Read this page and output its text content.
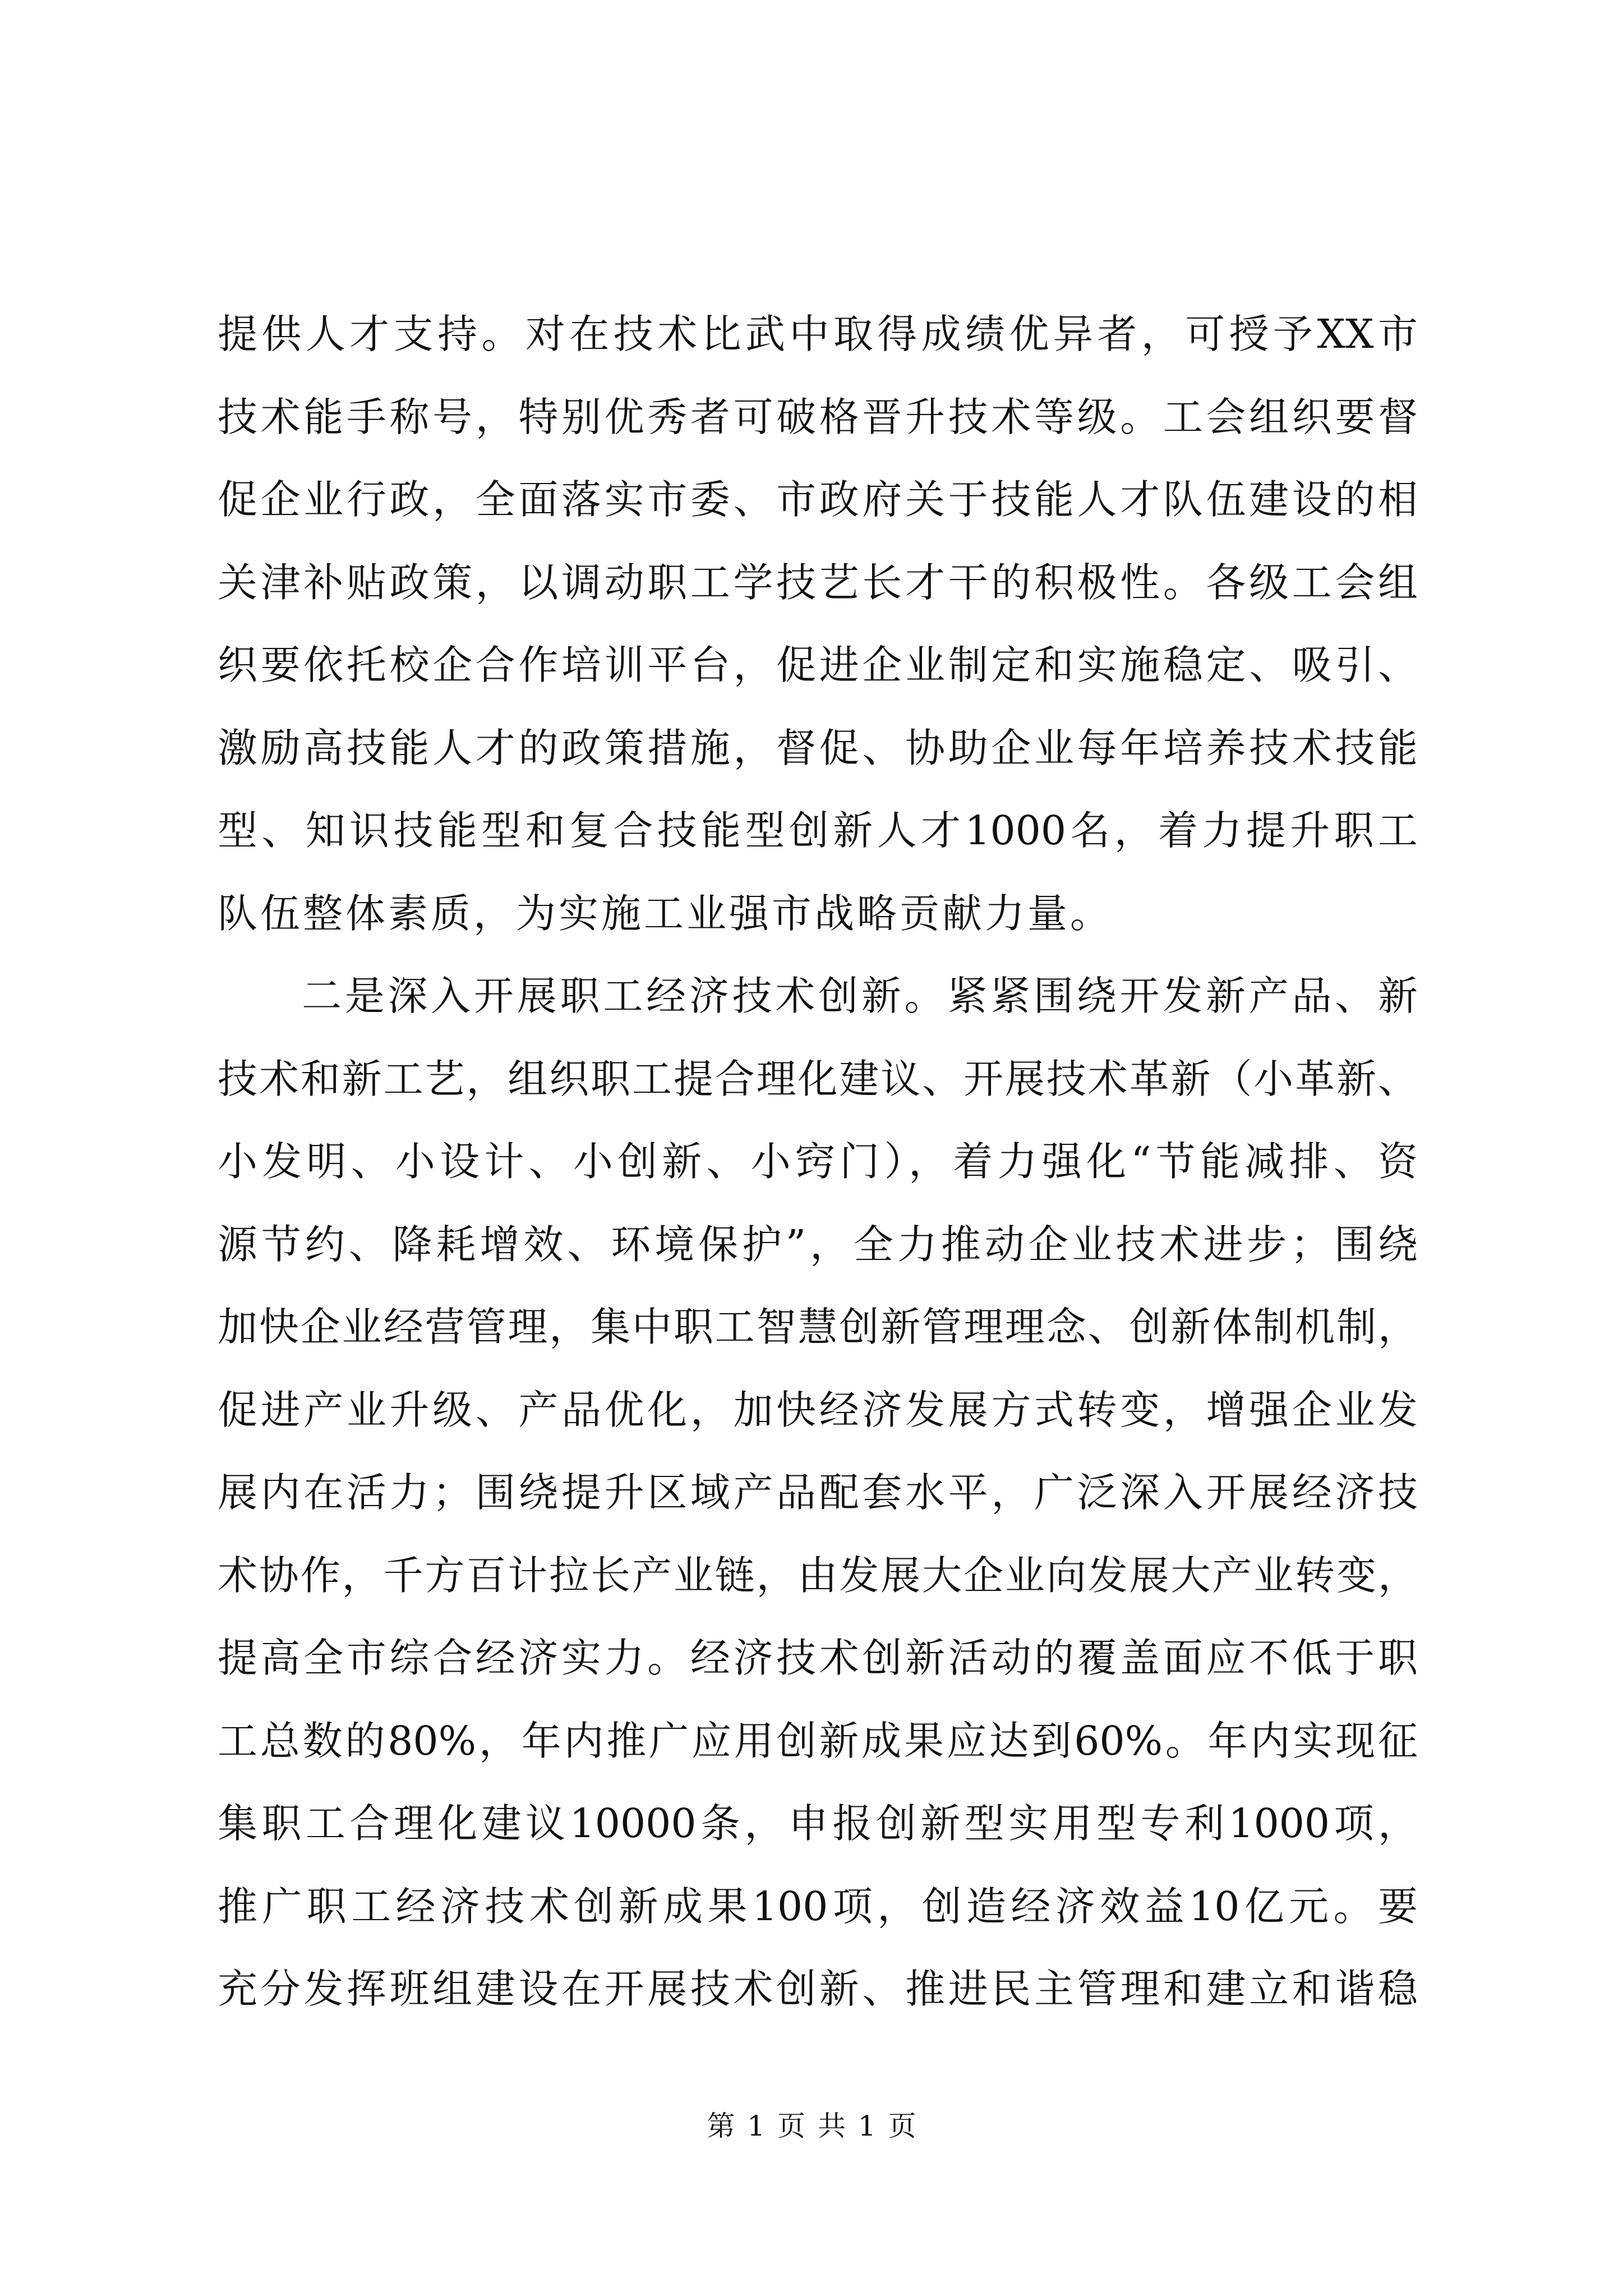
提供人才支持。对在技术比武中取得成绩优异者，可授予XX市
技术能手称号，特别优秀者可破格晋升技术等级。工会组织要督
促企业行政，全面落实市委、市政府关于技能人才队伍建设的相
关津补贴政策，以调动职工学技艺长才干的积极性。各级工会组
织要依托校企合作培训平台，促进企业制定和实施稳定、吸引、
激励高技能人才的政策措施，督促、协助企业每年培养技术技能
型、知识技能型和复合技能型创新人才1000名，着力提升职工
队伍整体素质，为实施工业强市战略贡献力量。
二是深入开展职工经济技术创新。紧紧围绕开发新产品、新
技术和新工艺，组织职工提合理化建议、开展技术革新（小革新、
小发明、小设计、小创新、小窍门），着力强化“节能减排、资
源节约、降耗增效、环境保护”，全力推动企业技术进步；围绕
加快企业经营管理，集中职工智慧创新管理理念、创新体制机制，
促进产业升级、产品优化，加快经济发展方式转变，增强企业发
展内在活力；围绕提升区域产品配套水平，广泛深入开展经济技
术协作，千方百计拉长产业链，由发展大企业向发展大产业转变，
提高全市综合经济实力。经济技术创新活动的覆盖面应不低于职
工总数的80%，年内推广应用创新成果应达到60%。年内实现征
集职工合理化建议10000条，申报创新型实用型专利1000项，
推广职工经济技术创新成果100项，创造经济效益10亿元。要
充分发挥班组建设在开展技术创新、推进民主管理和建立和谐稳
第 1 页 共 1 页
